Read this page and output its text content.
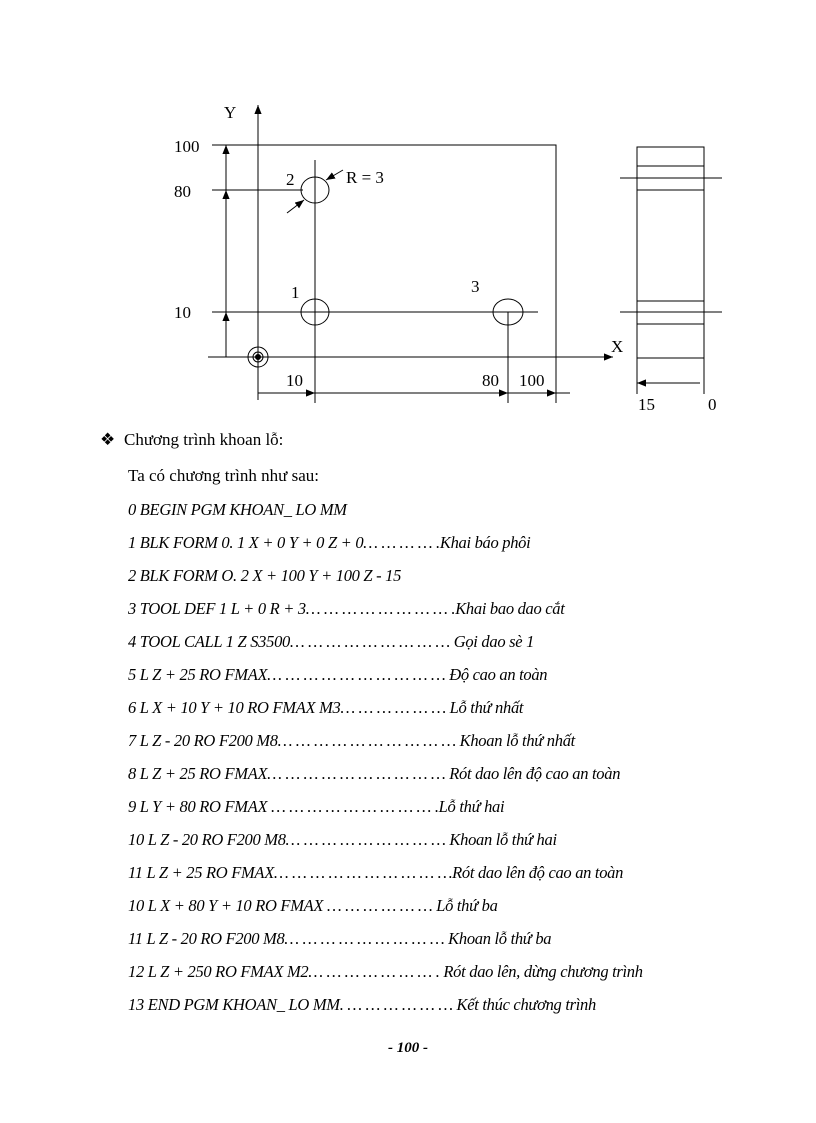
Y
X
100
80
10
10	80 100
1
2
3
R = 3
15	0
❖ Chương trình khoan lỗ:
Ta có chương trình như sau:
0 BEGIN PGM KHOAN_ LO MM
1 BLK FORM 0. 1 X + 0 Y + 0 Z + 0… … … … .Khai báo phôi
2 BLK FORM O. 2 X + 100 Y + 100 Z - 15
3 TOOL DEF 1 L + 0 R + 3… … … … … … … … .Khai bao dao cắt
4 TOOL CALL 1 Z S3500… … … … … … … … … Gọi dao sè 1
5 L Z + 25 RO FMAX… … … … … … … … … … Độ cao an toàn
6 L X + 10 Y + 10 RO FMAX M3… … … … … … Lỗ thứ nhất
7 L Z - 20 RO F200 M8… … … … … … … … … … Khoan lỗ thứ nhất
8 L Z + 25 RO FMAX… … … … … … … … … … Rót dao lên độ cao an toàn
9 L Y + 80 RO FMAX … … … … … … … … … .Lỗ thứ hai
10 L Z - 20 RO F200 M8… … … … … … … … … Khoan lỗ thứ hai
11 L Z + 25 RO FMAX… … … … … … … … … …Rót dao lên độ cao an toàn
10 L X + 80 Y + 10 RO FMAX … … … … … … Lỗ thứ ba
11 L Z - 20 RO F200 M8… … … … … … … … … Khoan lỗ thứ ba
12 L Z + 250 RO FMAX M2… … … … … … … . Rót dao lên, dừng chương trình
13 END PGM KHOAN_ LO MM. … … … … … … Kết thúc chương trình
- 100 -
